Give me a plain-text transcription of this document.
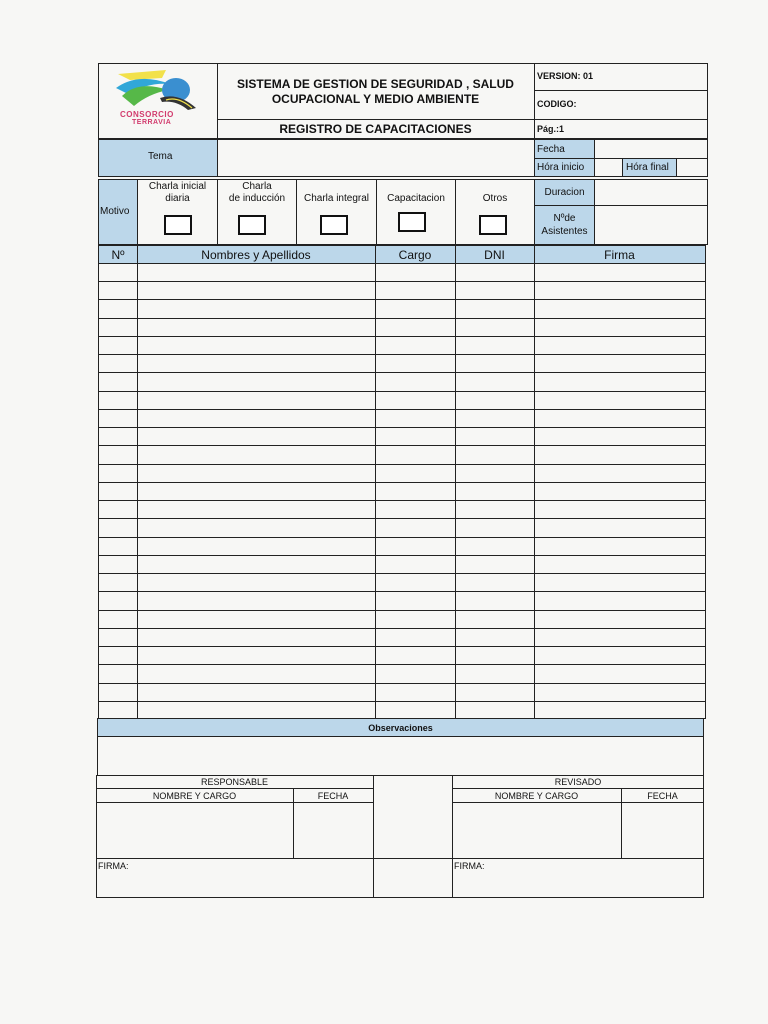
CONSORCIO
TERRAVIA
SISTEMA DE GESTION DE SEGURIDAD , SALUD
OCUPACIONAL Y MEDIO AMBIENTE
REGISTRO DE CAPACITACIONES
VERSION: 01
CODIGO:
Pág.:1
Tema
Fecha
Hóra inicio	Hóra final
Motivo
Charla inicial
diaria
Charla
de inducción	Charla integral	Capacitacion	Otros	Duracion
Nºde
Asistentes
Nº	Nombres y Apellidos	Cargo	DNI	Firma
Observaciones
RESPONSABLE	REVISADO
NOMBRE Y CARGO	FECHA	NOMBRE Y CARGO	FECHA
FIRMA:	FIRMA:
